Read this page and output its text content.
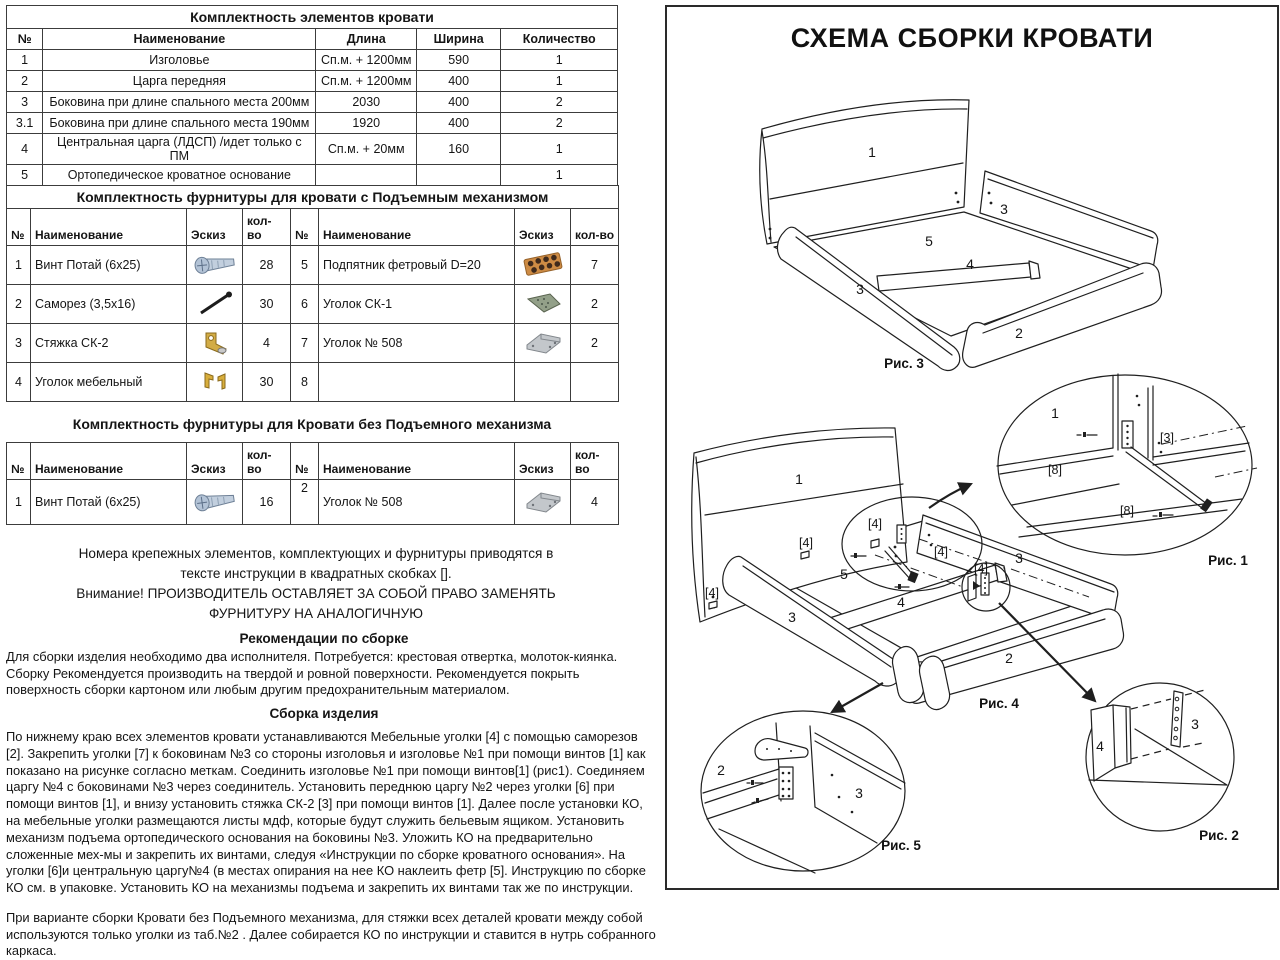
Комплектность элементов кровати				
№	Наименование	Длина	Ширина	Количество
1	Изголовье	Сп.м. + 1200мм	590	1
2	Царга передняя	Сп.м. + 1200мм	400	1
3	Боковина при длине спального места 200мм	2030	400	2
3.1	Боковина при длине спального места 190мм	1920	400	2
4	Центральная царга (ЛДСП) /идет только с ПМ	Сп.м. + 20мм	160	1
5	Ортопедическое кроватное основание			1
Комплектность фурнитуры для кровати с Подъемным механизмом							
№	Наименование	Эскиз	кол-во	№	Наименование	Эскиз	кол-во
1	Винт Потай (6х25)		28	5	Подпятник фетровый D=20		7
2	Саморез (3,5х16)		30	6	Уголок СК-1		2
3	Стяжка СК-2		4	7	Уголок № 508		2
4	Уголок мебельный		30	8			
Комплектность фурнитуры для Кровати без Подъемного механизма
№	Наименование	Эскиз	кол-во	№	Наименование	Эскиз	кол-во
1	Винт Потай (6х25)		16	2	Уголок № 508		4
Номера крепежных элементов, комплектующих и фурнитуры приводятся в
тексте инструкции в квадратных скобках [].
Внимание! ПРОИЗВОДИТЕЛЬ ОСТАВЛЯЕТ ЗА СОБОЙ ПРАВО ЗАМЕНЯТЬ
ФУРНИТУРУ НА АНАЛОГИЧНУЮ
Рекомендации по сборке

Для сборки изделия необходимо два исполнителя. Потребуется: крестовая отвертка, молоток-киянка. Сборку Рекомендуется производить на твердой и ровной поверхности. Рекомендуется покрыть поверхность сборки картоном или любым другим предохранительным материалом.

Сборка изделия

По нижнему краю всех элементов кровати устанавливаются Мебельные уголки [4] с помощью саморезов [2]. Закрепить уголки [7] к боковинам №3 со стороны изголовья и изголовье №1 при помощи винтов [1] как показано на рисунке согласно меткам. Соединить изголовье №1 при помощи винтов[1] (рис1). Соединяем царгу №4 с боковинами №3 через соединитель. Установить переднюю царгу №2 через уголки [6] при помощи винтов [1], и внизу установить стяжка СК-2 [3] при помощи винтов [1]. Далее после установки КО, на мебельные уголки размещаются листы мдф, которые будут служить бельевым ящиком. Установить механизм подъема ортопедического основания на боковины №3. Уложить КО на предварительно сложенные мех-мы и закрепить их винтами, следуя «Инструкции по сборке кроватного основания». На уголки [6]и центральную царгу№4 (в местах опирания на нее КО наклеить фетр [5]. Инструкцию по сборке КО см. в упаковке. Установить КО на механизмы подъема и закрепить их винтами так же по инструкции.

При варианте сборки Кровати без Подъемного механизма, для стяжки всех деталей кровати между собой используются только уголки из таб.№2 . Далее собирается КО по инструкции и ставится в нутрь собранного каркаса.

1
3
5
4
3
2
Рис. 3
[4]
[4]
[4]
[4]
[4]
1
5
4
3
3
2
Рис. 4
1
[3]
[8]
[8]
Рис. 1
2
3
Рис. 5
4
3
Рис. 2
СХЕМА СБОРКИ КРОВАТИ
